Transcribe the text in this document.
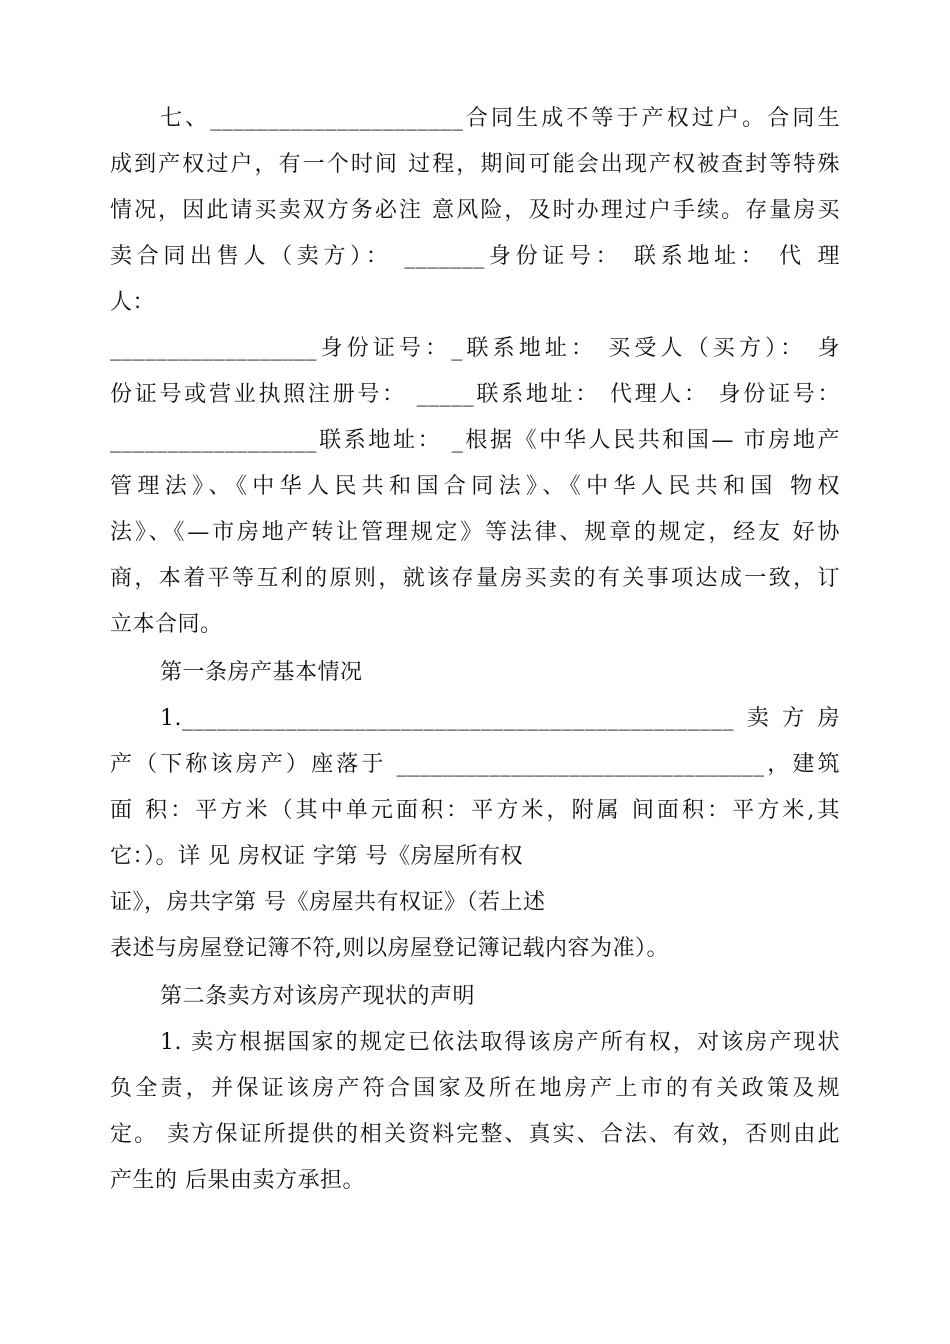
七、______________________合同生成不等于产权过户。合同生
成到产权过户，有一个时间 过程，期间可能会出现产权被查封等特殊
情况，因此请买卖双方务必注 意风险，及时办理过户手续。存量房买
卖合同出售人（卖方）： _______身份证号： 联系地址： 代 理
人：
__________________身份证号：_联系地址： 买受人（买方）： 身
份证号或营业执照注册号： _____联系地址： 代理人： 身份证号：
__________________联系地址： _根据《中华人民共和国— 市房地产
管理法》、《中华人民共和国合同法》、《中华人民共和国 物权
法》、《—市房地产转让管理规定》等法律、规章的规定，经友 好协
商，本着平等互利的原则，就该存量房买卖的有关事项达成一致，订
立本合同。
第一条房产基本情况
1.________________________________________________卖方房
产（下称该房产）座落于 ________________________________，建筑
面 积：平方米（其中单元面积：平方米，附属 间面积：平方米,其
它：）。详 见 房权证 字第 号《房屋所有权
证》，房共字第 号《房屋共有权证》（若上述
表述与房屋登记簿不符,则以房屋登记簿记载内容为准）。
第二条卖方对该房产现状的声明
1. 卖方根据国家的规定已依法取得该房产所有权，对该房产现状
负全责，并保证该房产符合国家及所在地房产上市的有关政策及规
定。 卖方保证所提供的相关资料完整、真实、合法、有效，否则由此
产生的 后果由卖方承担。
